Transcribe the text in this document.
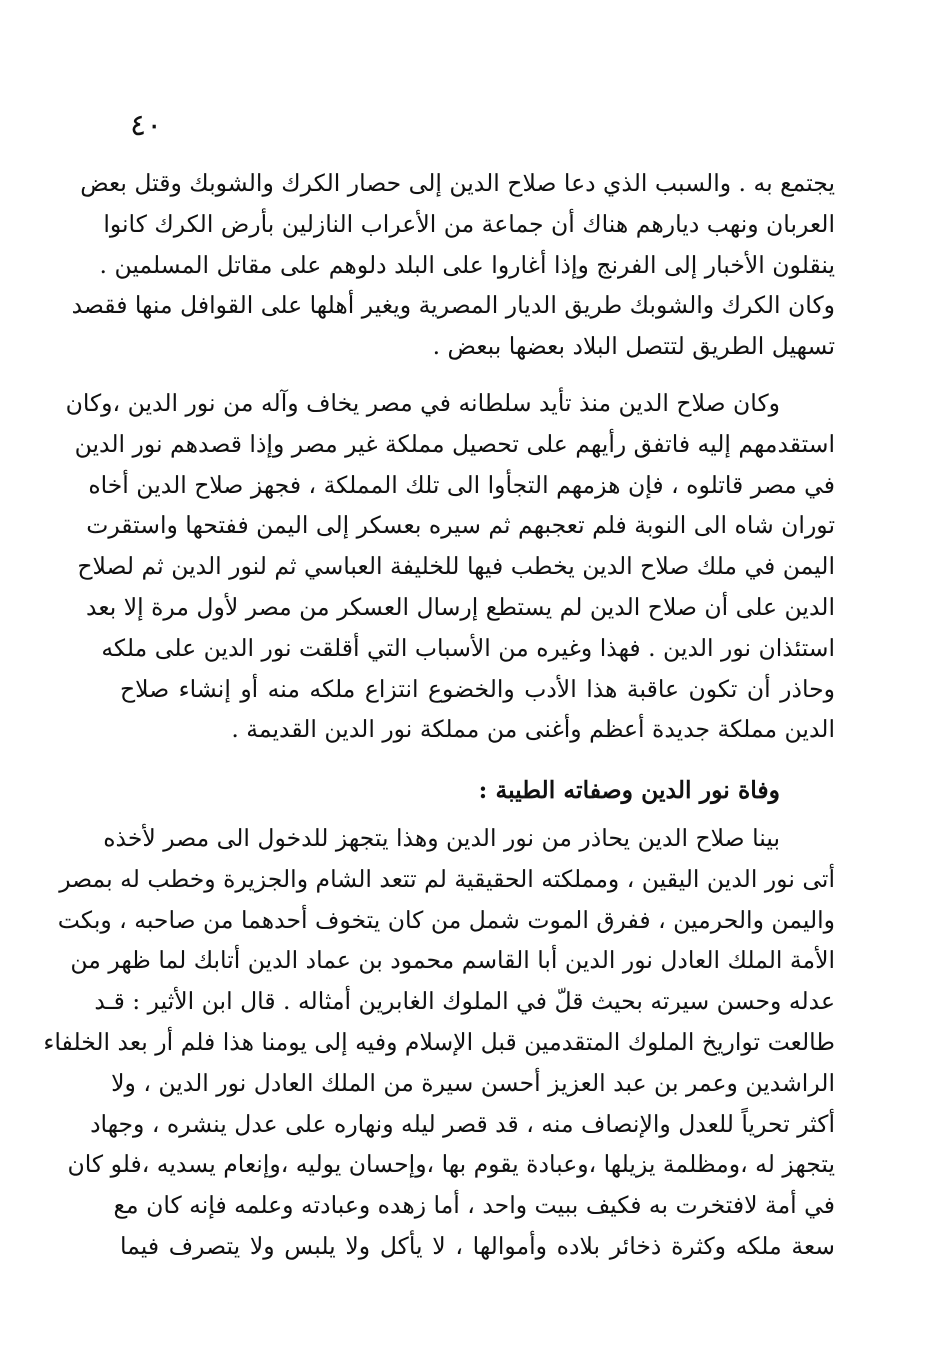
٤٠
يجتمع به . والسبب الذي دعا صلاح الدين إلى حصار الكرك والشوبك وقتل بعض
العربان ونهب ديارهم هناك أن جماعة من الأعراب النازلين بأرض الكرك كانوا
ينقلون الأخبار إلى الفرنج وإذا أغاروا على البلد دلوهم على مقاتل المسلمين .
وكان الكرك والشوبك طريق الديار المصرية ويغير أهلها على القوافل منها فقصد
تسهيل الطريق لتتصل البلاد بعضها ببعض .
وكان صلاح الدين منذ تأيد سلطانه في مصر يخاف وآله من نور الدين ،وكان
استقدمهم إليه فاتفق رأيهم على تحصيل مملكة غير مصر وإذا قصدهم نور الدين
في مصر قاتلوه ، فإن هزمهم التجأوا الى تلك المملكة ، فجهز صلاح الدين أخاه
توران شاه الى النوبة فلم تعجبهم ثم سيره بعسكر إلى اليمن ففتحها واستقرت
اليمن في ملك صلاح الدين يخطب فيها للخليفة العباسي ثم لنور الدين ثم لصلاح
الدين على أن صلاح الدين لم يستطع إرسال العسكر من مصر لأول مرة إلا بعد
استئذان نور الدين . فهذا وغيره من الأسباب التي أقلقت نور الدين على ملكه
وحاذر أن تكون عاقبة هذا الأدب والخضوع انتزاع ملكه منه أو إنشاء صلاح
الدين مملكة جديدة أعظم وأغنى من مملكة نور الدين القديمة .
وفاة نور الدين وصفاته الطيبة :
بينا صلاح الدين يحاذر من نور الدين وهذا يتجهز للدخول الى مصر لأخذه
أتى نور الدين اليقين ، ومملكته الحقيقية لم تتعد الشام والجزيرة وخطب له بمصر
واليمن والحرمين ، ففرق الموت شمل من كان يتخوف أحدهما من صاحبه ، وبكت
الأمة الملك العادل نور الدين أبا القاسم محمود بن عماد الدين أتابك لما ظهر من
عدله وحسن سيرته بحيث قلّ في الملوك الغابرين أمثاله . قال ابن الأثير : قـد
طالعت تواريخ الملوك المتقدمين قبل الإسلام وفيه إلى يومنا هذا فلم أر بعد الخلفاء
الراشدين وعمر بن عبد العزيز أحسن سيرة من الملك العادل نور الدين ، ولا
أكثر تحرياً للعدل والإنصاف منه ، قد قصر ليله ونهاره على عدل ينشره ، وجهاد
يتجهز له ،ومظلمة يزيلها ،وعبادة يقوم بها ،وإحسان يوليه ،وإنعام يسديه ،فلو كان
في أمة لافتخرت به فكيف ببيت واحد ، أما زهده وعبادته وعلمه فإنه كان مع
سعة ملكه وكثرة ذخائر بلاده وأموالها ، لا يأكل ولا يلبس ولا يتصرف فيما
